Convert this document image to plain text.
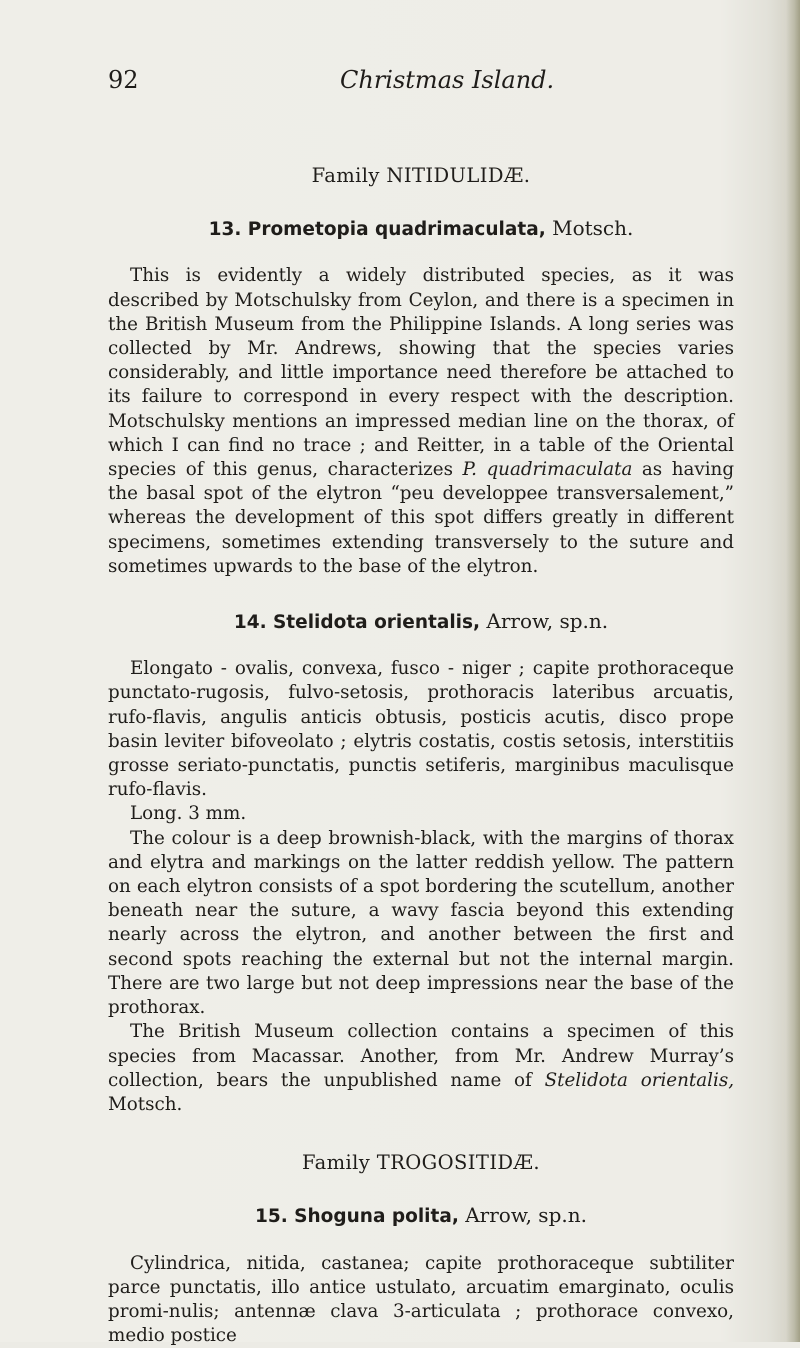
92	Christmas Island.
Family NITIDULIDÆ.
13. Prometopia quadrimaculata, Motsch.

This is evidently a widely distributed species, as it was described by Motschulsky from Ceylon, and there is a specimen in the British Museum from the Philippine Islands. A long series was collected by Mr. Andrews, showing that the species varies considerably, and little importance need therefore be attached to its failure to correspond in every respect with the description. Motschulsky mentions an impressed median line on the thorax, of which I can find no trace ; and Reitter, in a table of the Oriental species of this genus, characterizes P. quadrimaculata as having the basal spot of the elytron “peu developpee transversalement,” whereas the development of this spot differs greatly in different specimens, sometimes extending transversely to the suture and sometimes upwards to the base of the elytron.

14. Stelidota orientalis, Arrow, sp.n.

Elongato - ovalis, convexa, fusco - niger ; capite prothoraceque punctato-rugosis, fulvo-setosis, prothoracis lateribus arcuatis, rufo-flavis, angulis anticis obtusis, posticis acutis, disco prope basin leviter bifoveolato ; elytris costatis, costis setosis, interstitiis grosse seriato-punctatis, punctis setiferis, marginibus maculisque rufo-flavis.

Long. 3 mm.

The colour is a deep brownish-black, with the margins of thorax and elytra and markings on the latter reddish yellow. The pattern on each elytron consists of a spot bordering the scutellum, another beneath near the suture, a wavy fascia beyond this extending nearly across the elytron, and another between the first and second spots reaching the external but not the internal margin. There are two large but not deep impressions near the base of the prothorax.

The British Museum collection contains a specimen of this species from Macassar. Another, from Mr. Andrew Murray’s collection, bears the unpublished name of Stelidota orientalis, Motsch.

Family TROGOSITIDÆ.
15. Shoguna polita, Arrow, sp.n.

Cylindrica, nitida, castanea; capite prothoraceque subtiliter parce punctatis, illo antice ustulato, arcuatim emarginato, oculis promi-nulis; antennæ clava 3-articulata ; prothorace convexo, medio postice
